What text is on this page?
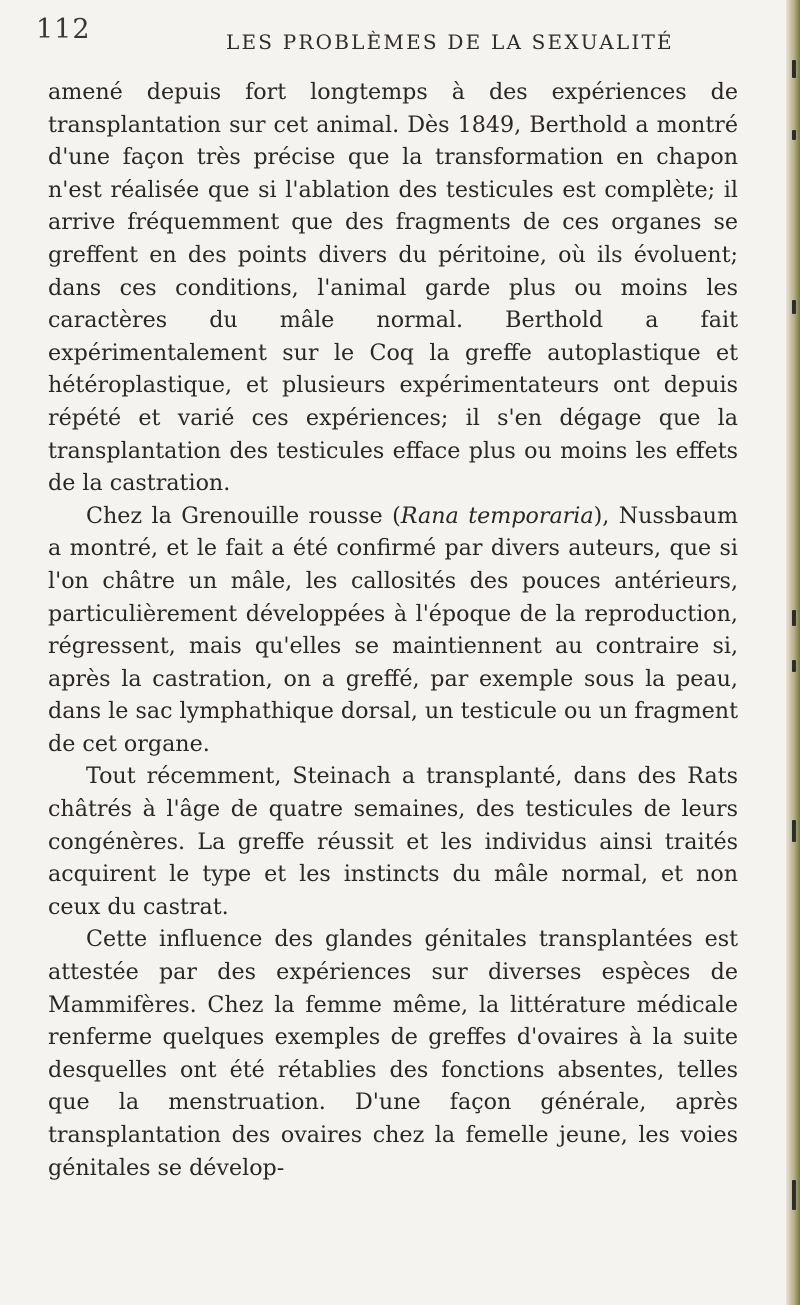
112	LES PROBLÈMES DE LA SEXUALITÉ

amené depuis fort longtemps à des expériences de transplantation sur cet animal. Dès 1849, Berthold a montré d'une façon très précise que la transformation en chapon n'est réalisée que si l'ablation des testicules est complète; il arrive fréquemment que des fragments de ces organes se greffent en des points divers du péritoine, où ils évoluent; dans ces conditions, l'animal garde plus ou moins les caractères du mâle normal. Berthold a fait expérimentalement sur le Coq la greffe autoplastique et hétéroplastique, et plusieurs expérimentateurs ont depuis répété et varié ces expériences; il s'en dégage que la transplantation des testicules efface plus ou moins les effets de la castration.

Chez la Grenouille rousse (Rana temporaria), Nussbaum a montré, et le fait a été confirmé par divers auteurs, que si l'on châtre un mâle, les callosités des pouces antérieurs, particulièrement développées à l'époque de la reproduction, régressent, mais qu'elles se maintiennent au contraire si, après la castration, on a greffé, par exemple sous la peau, dans le sac lymphathique dorsal, un testicule ou un fragment de cet organe.

Tout récemment, Steinach a transplanté, dans des Rats châtrés à l'âge de quatre semaines, des testicules de leurs congénères. La greffe réussit et les individus ainsi traités acquirent le type et les instincts du mâle normal, et non ceux du castrat.

Cette influence des glandes génitales transplantées est attestée par des expériences sur diverses espèces de Mammifères. Chez la femme même, la littérature médicale renferme quelques exemples de greffes d'ovaires à la suite desquelles ont été rétablies des fonctions absentes, telles que la menstruation. D'une façon générale, après transplantation des ovaires chez la femelle jeune, les voies génitales se dévelop-
